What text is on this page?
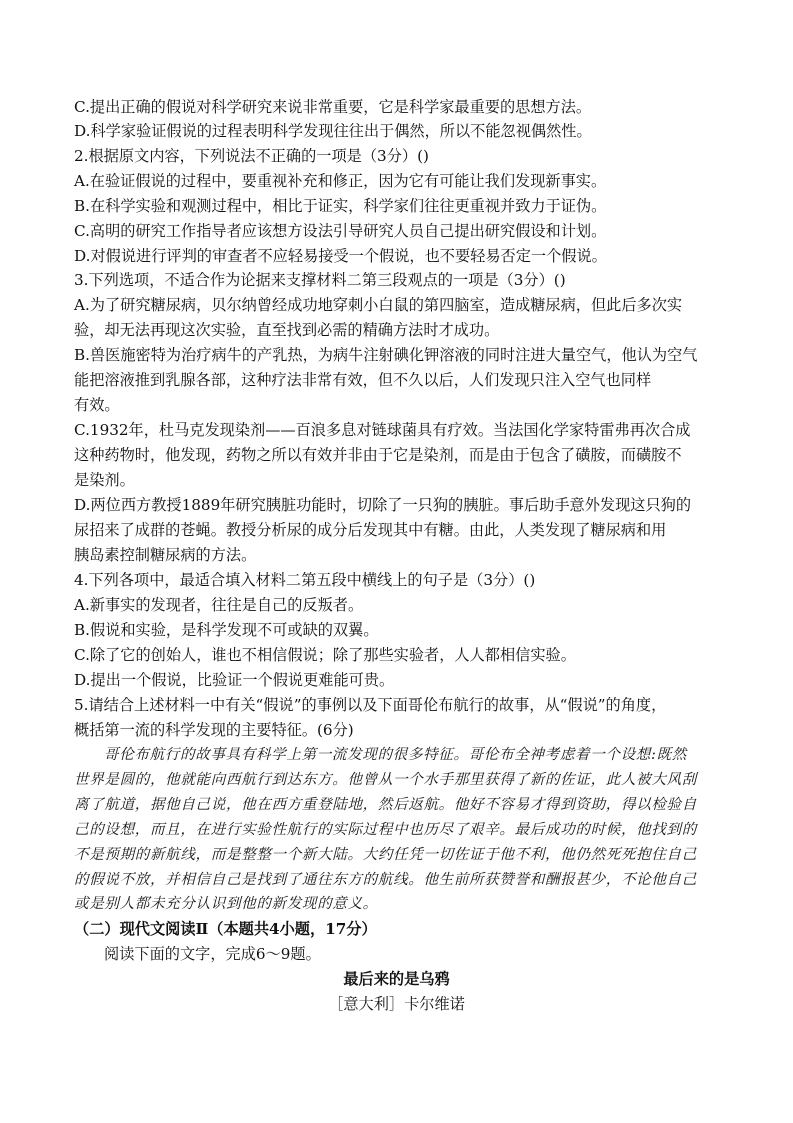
C.提出正确的假说对科学研究来说非常重要，它是科学家最重要的思想方法。
D.科学家验证假说的过程表明科学发现往往出于偶然，所以不能忽视偶然性。
2.根据原文内容，下列说法不正确的一项是（3分）()
A.在验证假说的过程中，要重视补充和修正，因为它有可能让我们发现新事实。
B.在科学实验和观测过程中，相比于证实，科学家们往往更重视并致力于证伪。
C.高明的研究工作指导者应该想方设法引导研究人员自己提出研究假设和计划。
D.对假说进行评判的审查者不应轻易接受一个假说，也不要轻易否定一个假说。
3.下列选项，不适合作为论据来支撑材料二第三段观点的一项是（3分）()
A.为了研究糖尿病，贝尔纳曾经成功地穿刺小白鼠的第四脑室，造成糖尿病，但此后多次实
验，却无法再现这次实验，直至找到必需的精确方法时才成功。
B.兽医施密特为治疗病牛的产乳热，为病牛注射碘化钾溶液的同时注进大量空气，他认为空气
能把溶液推到乳腺各部，这种疗法非常有效，但不久以后，人们发现只注入空气也同样
有效。
C.1932年，杜马克发现染剂——百浪多息对链球菌具有疗效。当法国化学家特雷弗再次合成
这种药物时，他发现，药物之所以有效并非由于它是染剂，而是由于包含了磺胺，而磺胺不
是染剂。
D.两位西方教授1889年研究胰脏功能时，切除了一只狗的胰脏。事后助手意外发现这只狗的
尿招来了成群的苍蝇。教授分析尿的成分后发现其中有糖。由此，人类发现了糖尿病和用
胰岛素控制糖尿病的方法。
4.下列各项中，最适合填入材料二第五段中横线上的句子是（3分）()
A.新事实的发现者，往往是自己的反叛者。
B.假说和实验，是科学发现不可或缺的双翼。
C.除了它的创始人，谁也不相信假说；除了那些实验者，人人都相信实验。
D.提出一个假说，比验证一个假说更难能可贵。
5.请结合上述材料一中有关“假说”的事例以及下面哥伦布航行的故事，从“假说”的角度，
概括第一流的科学发现的主要特征。(6分)
哥伦布航行的故事具有科学上第一流发现的很多特征。哥伦布全神考虑着一个设想:既然
世界是圆的，他就能向西航行到达东方。他曾从一个水手那里获得了新的佐证，此人被大风刮
离了航道，据他自己说，他在西方重登陆地，然后返航。他好不容易才得到资助，得以检验自
己的设想，而且，在进行实验性航行的实际过程中也历尽了艰辛。最后成功的时候，他找到的
不是预期的新航线，而是整整一个新大陆。大约任凭一切佐证于他不利，他仍然死死抱住自己
的假说不放，并相信自己是找到了通往东方的航线。他生前所获赞誉和酬报甚少，不论他自己
或是别人都未充分认识到他的新发现的意义。
（二）现代文阅读Ⅱ（本题共4小题，17分）
阅读下面的文字，完成6～9题。
最后来的是乌鸦
［意大利］卡尔维诺
